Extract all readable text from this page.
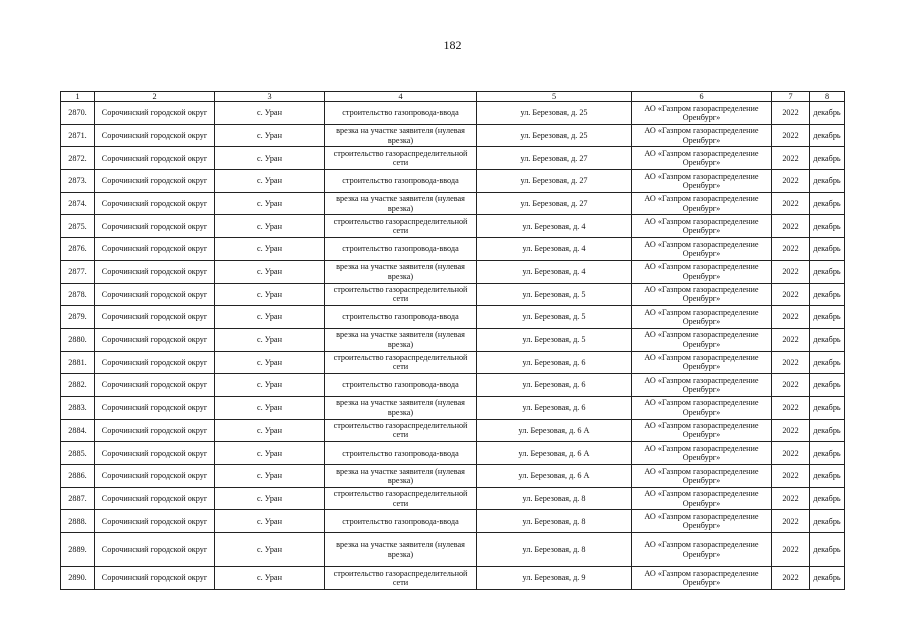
182
1	2	3	4	5	6	7	8
2870.	Сорочинский городской округ	с. Уран	строительство газопровода-ввода	ул. Березовая, д. 25	АО «Газпром газораспределение Оренбург»	2022	декабрь
2871.	Сорочинский городской округ	с. Уран	врезка на участке заявителя (нулевая врезка)	ул. Березовая, д. 25	АО «Газпром газораспределение Оренбург»	2022	декабрь
2872.	Сорочинский городской округ	с. Уран	строительство газораспределительной сети	ул. Березовая, д. 27	АО «Газпром газораспределение Оренбург»	2022	декабрь
2873.	Сорочинский городской округ	с. Уран	строительство газопровода-ввода	ул. Березовая, д. 27	АО «Газпром газораспределение Оренбург»	2022	декабрь
2874.	Сорочинский городской округ	с. Уран	врезка на участке заявителя (нулевая врезка)	ул. Березовая, д. 27	АО «Газпром газораспределение Оренбург»	2022	декабрь
2875.	Сорочинский городской округ	с. Уран	строительство газораспределительной сети	ул. Березовая, д. 4	АО «Газпром газораспределение Оренбург»	2022	декабрь
2876.	Сорочинский городской округ	с. Уран	строительство газопровода-ввода	ул. Березовая, д. 4	АО «Газпром газораспределение Оренбург»	2022	декабрь
2877.	Сорочинский городской округ	с. Уран	врезка на участке заявителя (нулевая врезка)	ул. Березовая, д. 4	АО «Газпром газораспределение Оренбург»	2022	декабрь
2878.	Сорочинский городской округ	с. Уран	строительство газораспределительной сети	ул. Березовая, д. 5	АО «Газпром газораспределение Оренбург»	2022	декабрь
2879.	Сорочинский городской округ	с. Уран	строительство газопровода-ввода	ул. Березовая, д. 5	АО «Газпром газораспределение Оренбург»	2022	декабрь
2880.	Сорочинский городской округ	с. Уран	врезка на участке заявителя (нулевая врезка)	ул. Березовая, д. 5	АО «Газпром газораспределение Оренбург»	2022	декабрь
2881.	Сорочинский городской округ	с. Уран	строительство газораспределительной сети	ул. Березовая, д. 6	АО «Газпром газораспределение Оренбург»	2022	декабрь
2882.	Сорочинский городской округ	с. Уран	строительство газопровода-ввода	ул. Березовая, д. 6	АО «Газпром газораспределение Оренбург»	2022	декабрь
2883.	Сорочинский городской округ	с. Уран	врезка на участке заявителя (нулевая врезка)	ул. Березовая, д. 6	АО «Газпром газораспределение Оренбург»	2022	декабрь
2884.	Сорочинский городской округ	с. Уран	строительство газораспределительной сети	ул. Березовая, д. 6 А	АО «Газпром газораспределение Оренбург»	2022	декабрь
2885.	Сорочинский городской округ	с. Уран	строительство газопровода-ввода	ул. Березовая, д. 6 А	АО «Газпром газораспределение Оренбург»	2022	декабрь
2886.	Сорочинский городской округ	с. Уран	врезка на участке заявителя (нулевая врезка)	ул. Березовая, д. 6 А	АО «Газпром газораспределение Оренбург»	2022	декабрь
2887.	Сорочинский городской округ	с. Уран	строительство газораспределительной сети	ул. Березовая, д. 8	АО «Газпром газораспределение Оренбург»	2022	декабрь
2888.	Сорочинский городской округ	с. Уран	строительство газопровода-ввода	ул. Березовая, д. 8	АО «Газпром газораспределение Оренбург»	2022	декабрь
2889.	Сорочинский городской округ	с. Уран	врезка на участке заявителя (нулевая врезка)	ул. Березовая, д. 8	АО «Газпром газораспределение Оренбург»	2022	декабрь
2890.	Сорочинский городской округ	с. Уран	строительство газораспределительной сети	ул. Березовая, д. 9	АО «Газпром газораспределение Оренбург»	2022	декабрь
